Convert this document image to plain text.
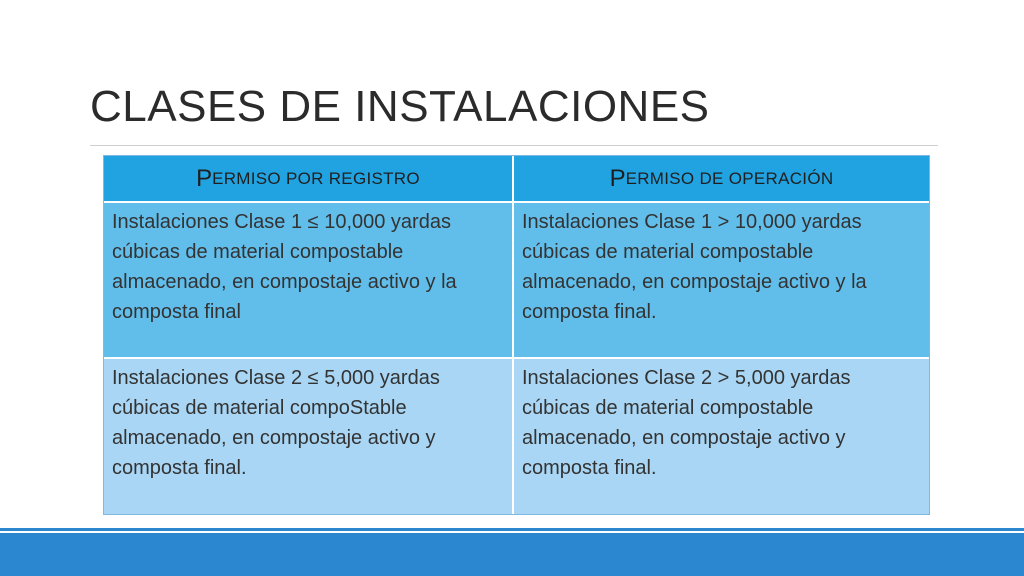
CLASES DE INSTALACIONES
P ERMISO POR REGISTRO	P ERMISO DE OPERACIÓN
Instalaciones Clase 1 ≤ 10,000 yardas cúbicas de material compostable almacenado, en compostaje activo y la composta final
Instalaciones Clase 1 > 10,000 yardas cúbicas de material compostable almacenado, en compostaje activo y la composta final.
Instalaciones Clase 2 ≤ 5,000 yardas cúbicas de material compoStable almacenado, en compostaje activo y composta final.
Instalaciones Clase 2 > 5,000 yardas cúbicas de material compostable almacenado, en compostaje activo y composta final.
